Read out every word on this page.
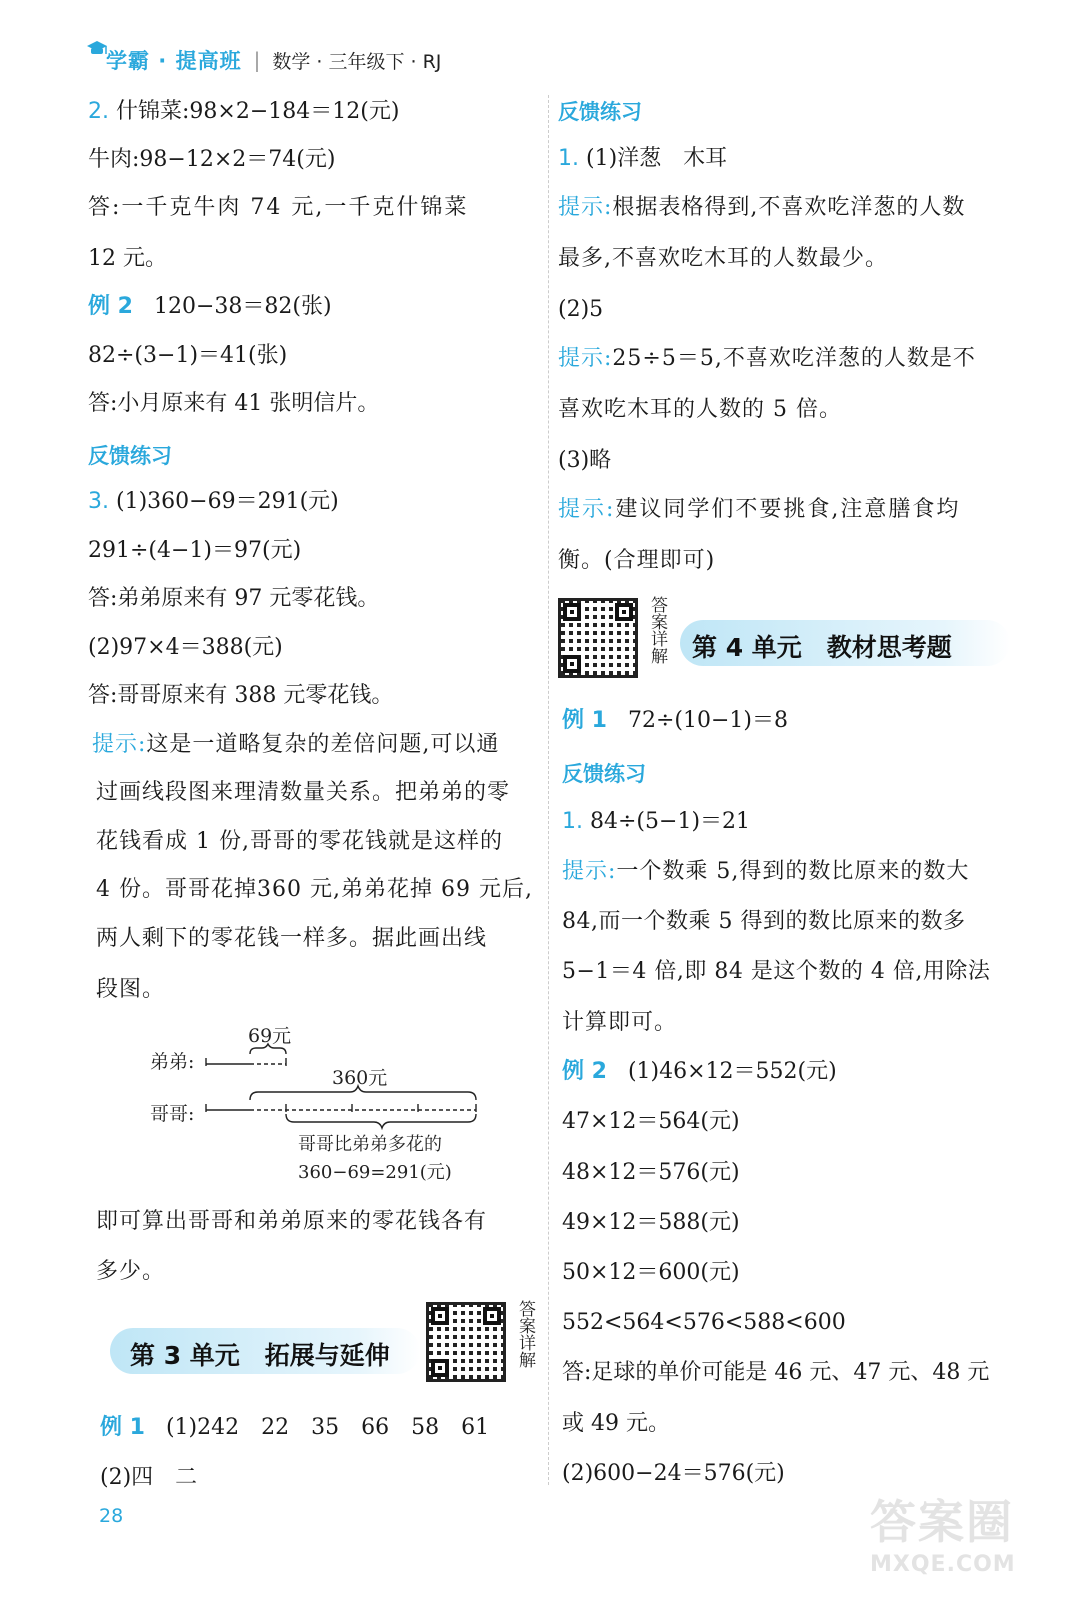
学霸 · 提高班 | 数学 · 三年级下 · RJ
2. 什锦菜:98×2−184＝12(元)
牛肉:98−12×2＝74(元)
答:一千克牛肉 74 元,一千克什锦菜
12 元。
例 2 120−38＝82(张)
82÷(3−1)＝41(张)
答:小月原来有 41 张明信片。
反馈练习
3. (1)360−69＝291(元)
291÷(4−1)＝97(元)
答:弟弟原来有 97 元零花钱。
(2)97×4＝388(元)
答:哥哥原来有 388 元零花钱。
提示:这是一道略复杂的差倍问题,可以通
过画线段图来理清数量关系。把弟弟的零
花钱看成 1 份,哥哥的零花钱就是这样的
4 份。哥哥花掉360 元,弟弟花掉 69 元后,
两人剩下的零花钱一样多。据此画出线
段图。
弟弟:
69元
360元
哥哥:
哥哥比弟弟多花的
360−69=291(元)
即可算出哥哥和弟弟原来的零花钱各有
多少。
第 3 单元　拓展与延伸	答案详解
例 1 (1)242　22　35　66　58　61
(2)四　二
反馈练习
1. (1)洋葱　木耳
提示:根据表格得到,不喜欢吃洋葱的人数
最多,不喜欢吃木耳的人数最少。
(2)5
提示:25÷5＝5,不喜欢吃洋葱的人数是不
喜欢吃木耳的人数的 5 倍。
(3)略
提示:建议同学们不要挑食,注意膳食均
衡。(合理即可)
答案详解 第 4 单元　教材思考题
例 1 72÷(10−1)＝8
反馈练习
1. 84÷(5−1)＝21
提示:一个数乘 5,得到的数比原来的数大
84,而一个数乘 5 得到的数比原来的数多
5−1＝4 倍,即 84 是这个数的 4 倍,用除法
计算即可。
例 2 (1)46×12＝552(元)
47×12＝564(元)
48×12＝576(元)
49×12＝588(元)
50×12＝600(元)
552<564<576<588<600
答:足球的单价可能是 46 元、47 元、48 元
或 49 元。
(2)600−24＝576(元)
28	答案圈
MXQE.COM
